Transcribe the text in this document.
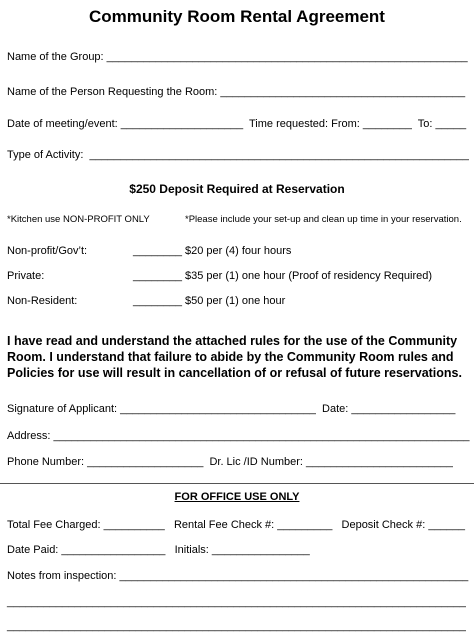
Community Room Rental Agreement
Name of the Group: ___________________________________________________________
Name of the Person Requesting the Room: ________________________________________
Date of meeting/event: ____________________  Time requested: From: ________  To: _____
Type of Activity:  ______________________________________________________________
$250 Deposit Required at Reservation
*Kitchen use NON-PROFIT ONLY	*Please include your set-up and clean up time in your reservation.
Non-profit/Gov’t:	________ $20 per (4) four hours
Private:	________ $35 per (1) one hour (Proof of residency Required)
Non-Resident:	________ $50 per (1) one hour
I have read and understand the attached rules for the use of the Community Room. I understand that failure to abide by the Community Room rules and Policies for use will result in cancellation of or refusal of future reservations.
Signature of Applicant: ________________________________  Date: _________________
Address: ____________________________________________________________________
Phone Number: ___________________  Dr. Lic /ID Number: ________________________
FOR OFFICE USE ONLY
Total Fee Charged: __________   Rental Fee Check #: _________   Deposit Check #: ______
Date Paid: _________________   Initials: ________________
Notes from inspection: _________________________________________________________
___________________________________________________________________________
___________________________________________________________________________
